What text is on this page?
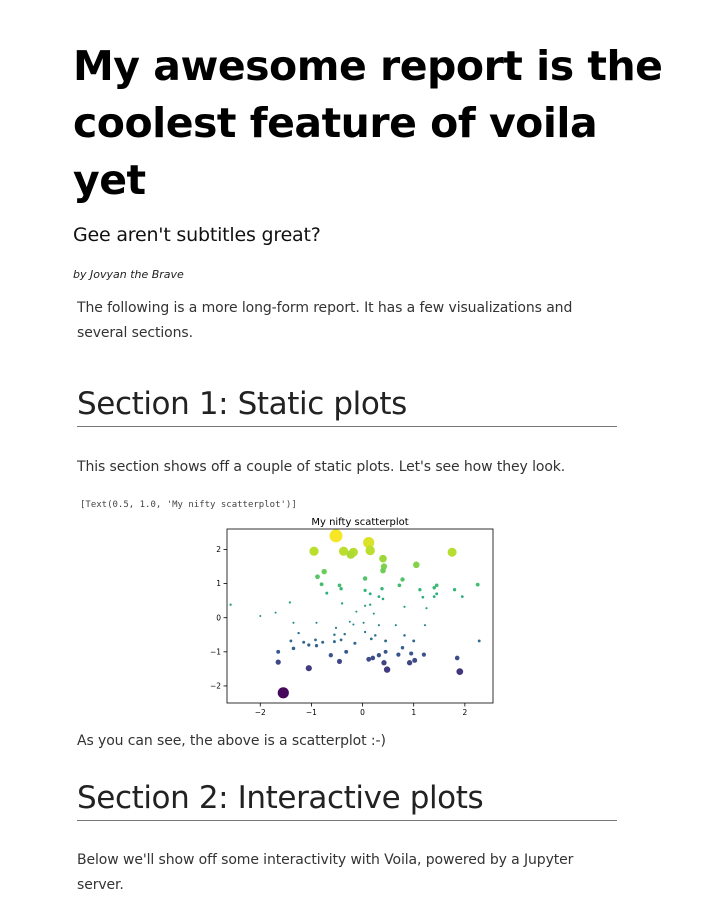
My awesome report is the coolest feature of voila yet
Gee aren't subtitles great?

by Jovyan the Brave

The following is a more long-form report. It has a few visualizations and several sections.

Section 1: Static plots

This section shows off a couple of static plots. Let's see how they look.

[Text(0.5, 1.0, 'My nifty scatterplot')]
My nifty scatterplot
−2	−1	0	1	2
−2
−1
0
1
2

As you can see, the above is a scatterplot :-)

Section 2: Interactive plots

Below we'll show off some interactivity with Voila, powered by a Jupyter server.
